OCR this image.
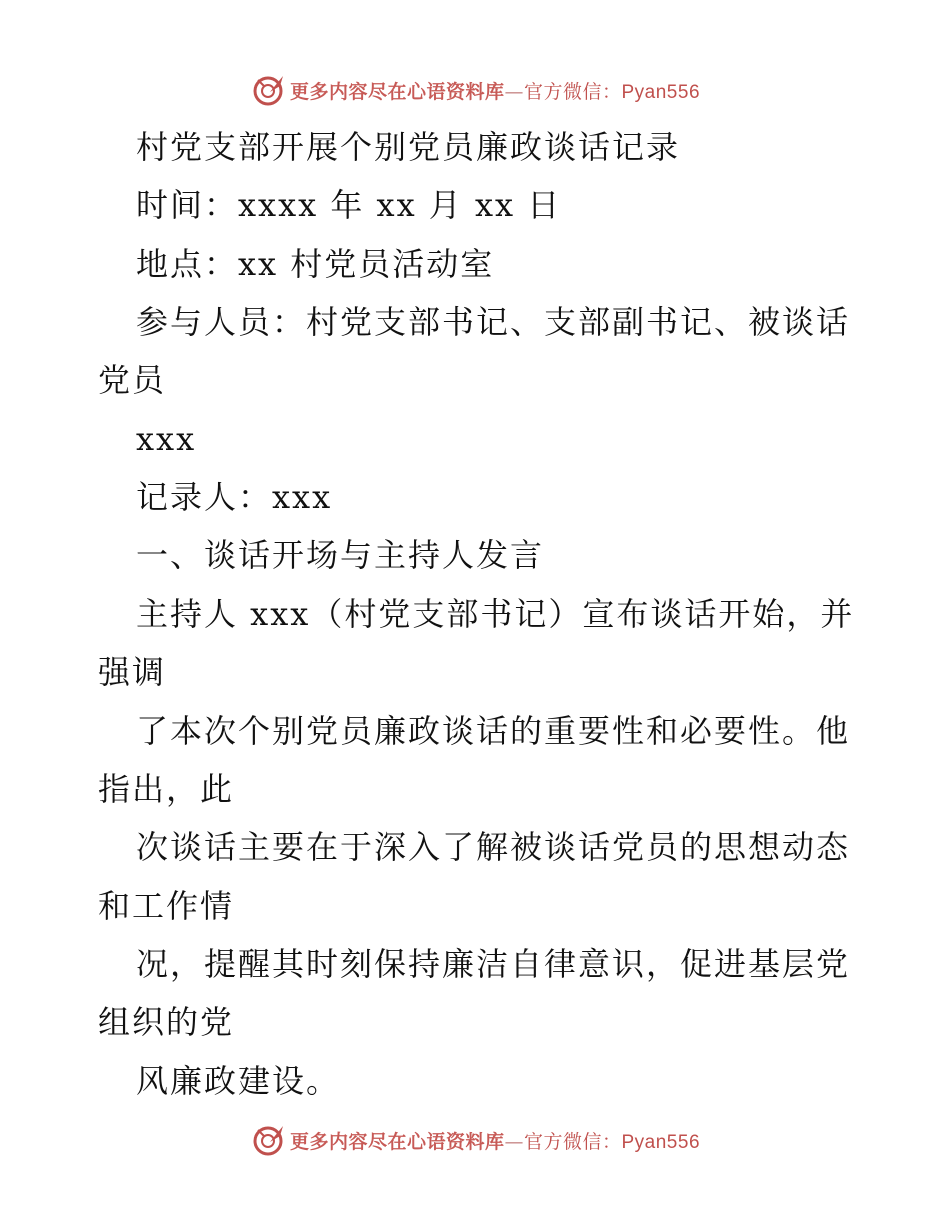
更多内容尽在心语资料库—官方微信：Pyan556
村党支部开展个别党员廉政谈话记录
时间：xxxx 年 xx 月 xx 日
地点：xx 村党员活动室
参与人员：村党支部书记、支部副书记、被谈话
党员
xxx
记录人：xxx
一、谈话开场与主持人发言
主持人 xxx（村党支部书记）宣布谈话开始，并
强调
了本次个别党员廉政谈话的重要性和必要性。他
指出，此
次谈话主要在于深入了解被谈话党员的思想动态
和工作情
况，提醒其时刻保持廉洁自律意识，促进基层党
组织的党
风廉政建设。
更多内容尽在心语资料库—官方微信：Pyan556
